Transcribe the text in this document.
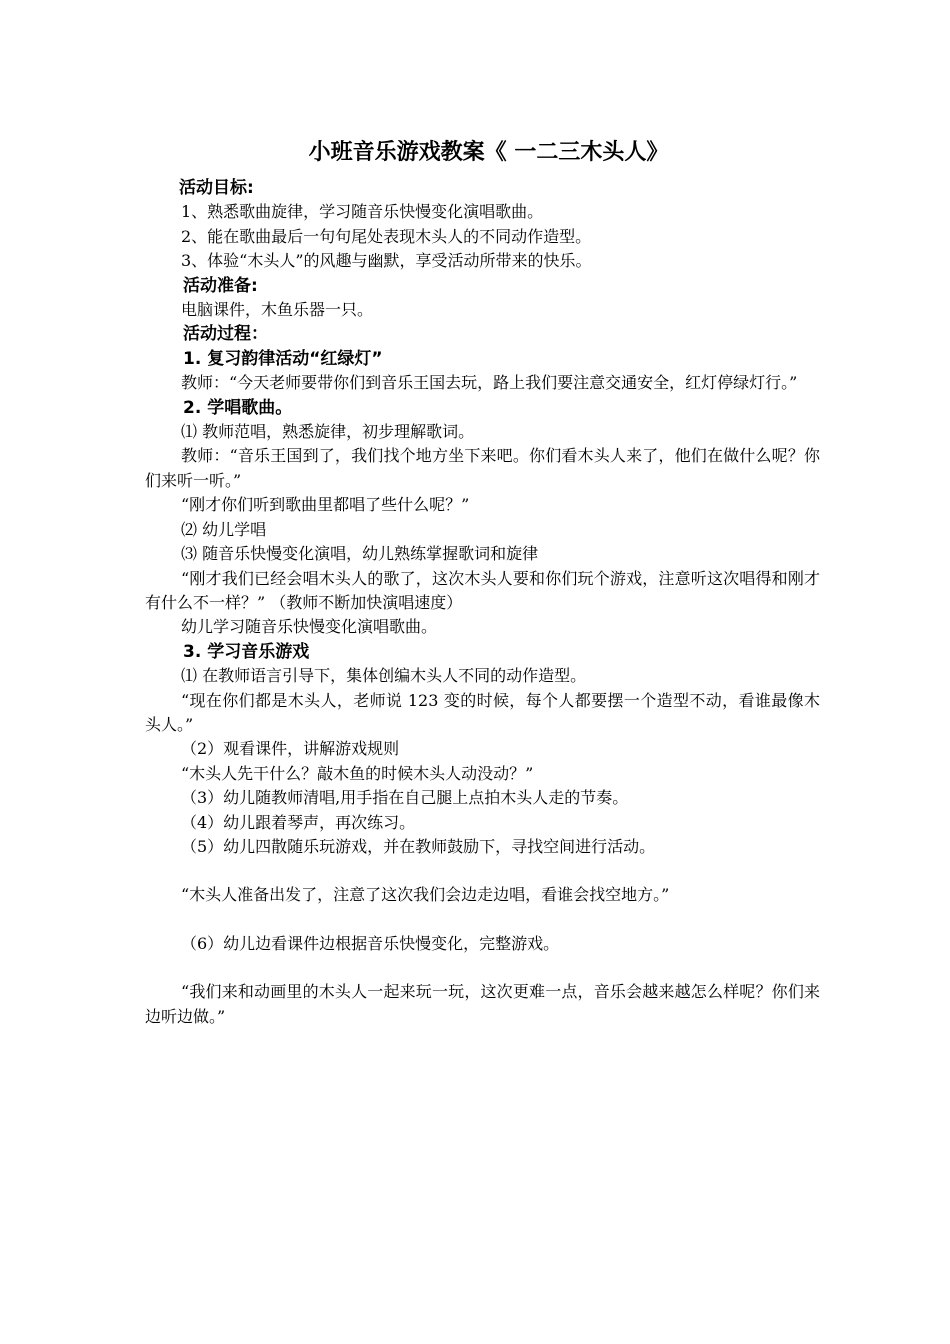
小班音乐游戏教案《 一二三木头人》

活动目标:

1、熟悉歌曲旋律，学习随音乐快慢变化演唱歌曲。

2、能在歌曲最后一句句尾处表现木头人的不同动作造型。

3、体验“木头人”的风趣与幽默，享受活动所带来的快乐。

活动准备:

电脑课件，木鱼乐器一只。

活动过程：

1. 复习韵律活动“红绿灯”

教师：“今天老师要带你们到音乐王国去玩，路上我们要注意交通安全，红灯停绿灯行。”

2. 学唱歌曲。

⑴ 教师范唱，熟悉旋律，初步理解歌词。

教师：“音乐王国到了，我们找个地方坐下来吧。你们看木头人来了，他们在做什么呢？你们来听一听。”

“刚才你们听到歌曲里都唱了些什么呢？”

⑵ 幼儿学唱

⑶ 随音乐快慢变化演唱，幼儿熟练掌握歌词和旋律

“刚才我们已经会唱木头人的歌了，这次木头人要和你们玩个游戏，注意听这次唱得和刚才有什么不一样？” （教师不断加快演唱速度）

幼儿学习随音乐快慢变化演唱歌曲。

3. 学习音乐游戏

⑴ 在教师语言引导下，集体创编木头人不同的动作造型。

“现在你们都是木头人，老师说 123 变的时候，每个人都要摆一个造型不动，看谁最像木头人。”

（2）观看课件，讲解游戏规则

“木头人先干什么？敲木鱼的时候木头人动没动？”

（3）幼儿随教师清唱,用手指在自己腿上点拍木头人走的节奏。

（4）幼儿跟着琴声，再次练习。

（5）幼儿四散随乐玩游戏，并在教师鼓励下，寻找空间进行活动。

“木头人准备出发了，注意了这次我们会边走边唱，看谁会找空地方。”

（6）幼儿边看课件边根据音乐快慢变化，完整游戏。

“我们来和动画里的木头人一起来玩一玩，这次更难一点，音乐会越来越怎么样呢？你们来边听边做。”
